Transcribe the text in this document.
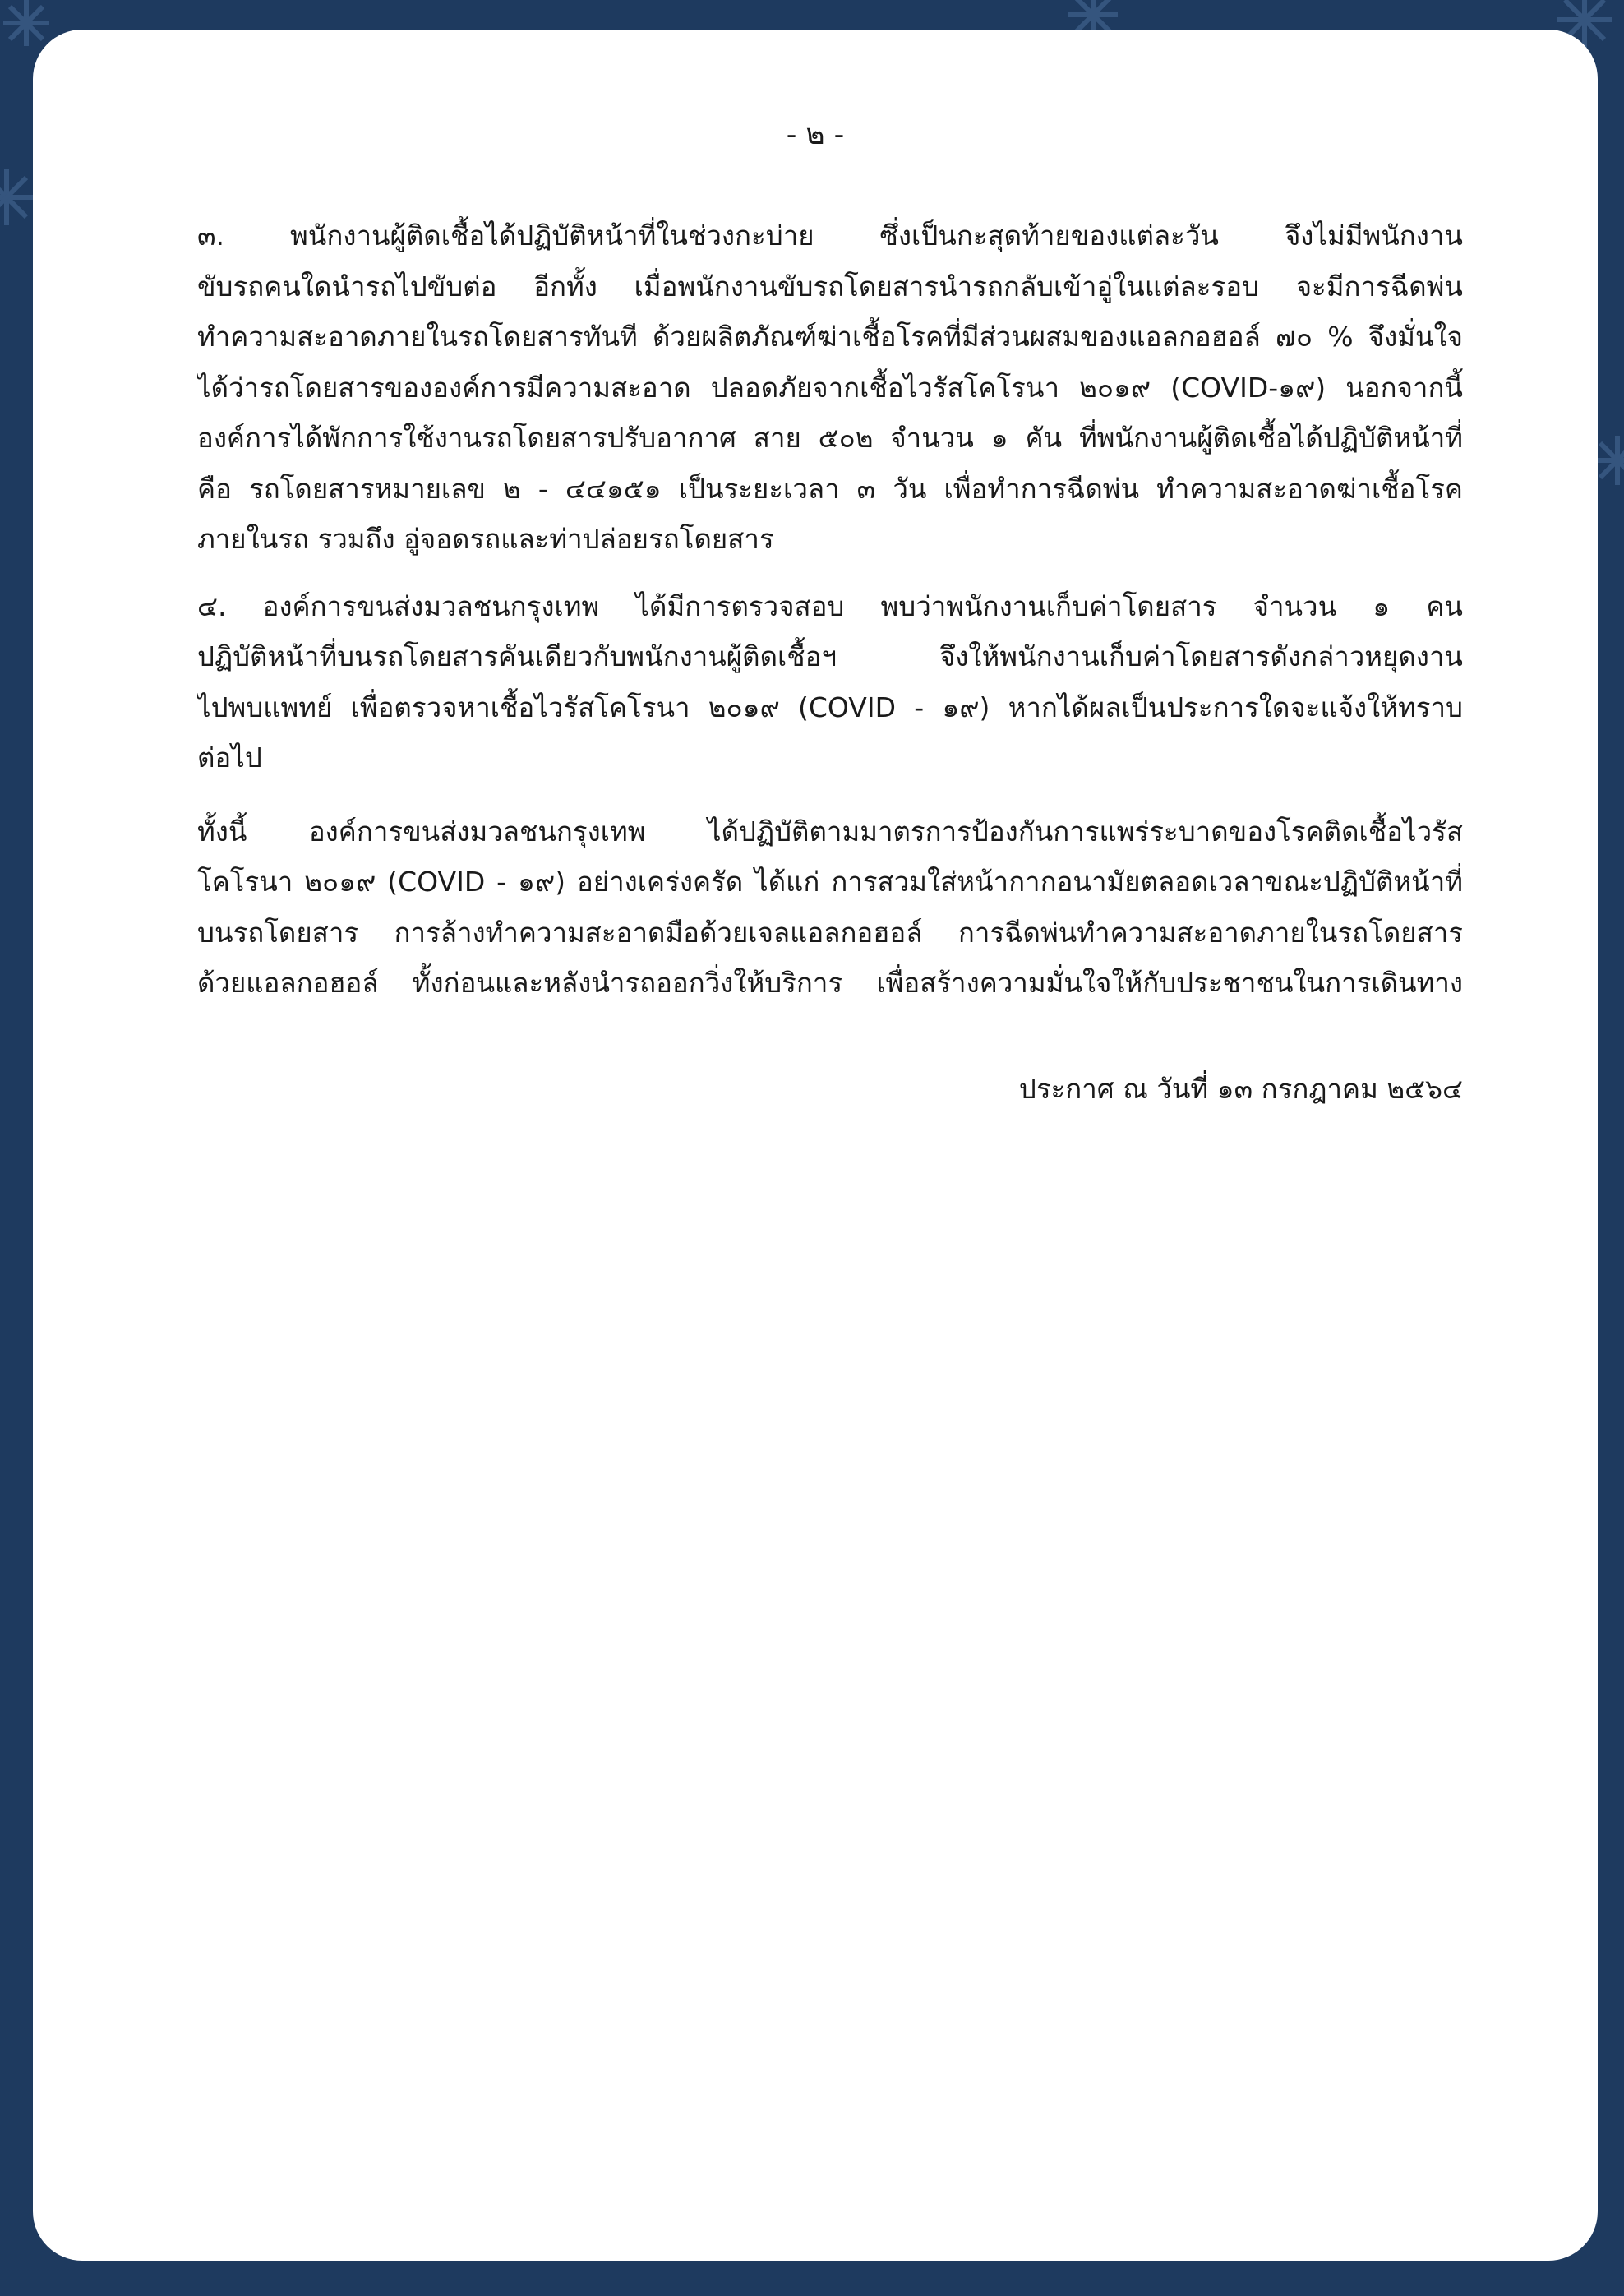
- ๒ -
๓. พนักงานผู้ติดเชื้อได้ปฏิบัติหน้าที่ในช่วงกะบ่าย ซึ่งเป็นกะสุดท้ายของแต่ละวัน จึงไม่มีพนักงาน
ขับรถคนใดนำรถไปขับต่อ อีกทั้ง เมื่อพนักงานขับรถโดยสารนำรถกลับเข้าอู่ในแต่ละรอบ จะมีการฉีดพ่น
ทำความสะอาดภายในรถโดยสารทันที ด้วยผลิตภัณฑ์ฆ่าเชื้อโรคที่มีส่วนผสมของแอลกอฮอล์ ๗๐ % จึงมั่นใจ
ได้ว่ารถโดยสารขององค์การมีความสะอาด ปลอดภัยจากเชื้อไวรัสโคโรนา ๒๐๑๙ (COVID-๑๙) นอกจากนี้
องค์การได้พักการใช้งานรถโดยสารปรับอากาศ สาย ๕๐๒ จำนวน ๑ คัน ที่พนักงานผู้ติดเชื้อได้ปฏิบัติหน้าที่
คือ รถโดยสารหมายเลข ๒ - ๔๔๑๕๑ เป็นระยะเวลา ๓ วัน เพื่อทำการฉีดพ่น ทำความสะอาดฆ่าเชื้อโรค
ภายในรถ รวมถึง อู่จอดรถและท่าปล่อยรถโดยสาร
๔. องค์การขนส่งมวลชนกรุงเทพ ได้มีการตรวจสอบ พบว่าพนักงานเก็บค่าโดยสาร จำนวน ๑ คน
ปฏิบัติหน้าที่บนรถโดยสารคันเดียวกับพนักงานผู้ติดเชื้อฯ จึงให้พนักงานเก็บค่าโดยสารดังกล่าวหยุดงาน
ไปพบแพทย์ เพื่อตรวจหาเชื้อไวรัสโคโรนา ๒๐๑๙ (COVID - ๑๙) หากได้ผลเป็นประการใดจะแจ้งให้ทราบ
ต่อไป
ทั้งนี้ องค์การขนส่งมวลชนกรุงเทพ ได้ปฏิบัติตามมาตรการป้องกันการแพร่ระบาดของโรคติดเชื้อไวรัส
โคโรนา ๒๐๑๙ (COVID - ๑๙) อย่างเคร่งครัด ได้แก่ การสวมใส่หน้ากากอนามัยตลอดเวลาขณะปฏิบัติหน้าที่
บนรถโดยสาร การล้างทำความสะอาดมือด้วยเจลแอลกอฮอล์ การฉีดพ่นทำความสะอาดภายในรถโดยสาร
ด้วยแอลกอฮอล์ ทั้งก่อนและหลังนำรถออกวิ่งให้บริการ เพื่อสร้างความมั่นใจให้กับประชาชนในการเดินทาง
ประกาศ ณ วันที่ ๑๓ กรกฎาคม ๒๕๖๔
